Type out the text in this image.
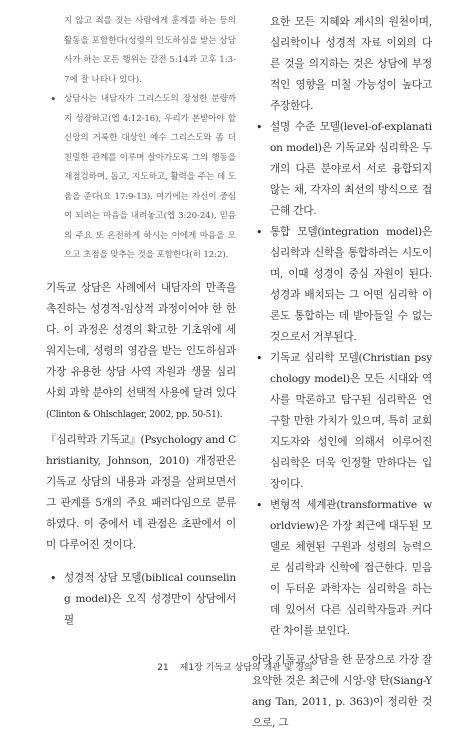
지 않고 죄를 짓는 사람에게 훈계를 하는 등의 활동을 포함한다(성령의 인도하심을 받는 상담사가 하는 모든 행위는 갈전 5:14과 고후 1:3-7에 잘 나타나 있다).
• 상담사는 내담자가 그리스도의 장성한 분량까지 성장하고(엡 4:12-16), 우리가 본받아야 할 신앙의 거룩한 대상인 예수 그리스도와 좀 더 친밀한 관계를 이루며 살아가도록 그의 행동을 재점검하며, 돕고, 지도하고, 활력을 주는 데 도움을 준다(요 17:9-13). 여기에는 자신이 중심이 되려는 마음을 내려놓고(엡 3:20-24), 믿음의 주요 또 온전하게 하시는 이에게 마음을 모으고 초점을 맞추는 것을 포함한다(히 12:2).

기독교 상담은 사례에서 내담자의 만족을 촉진하는 성경적-임상적 과정이어야 한 한다. 이 과정은 성경의 확고한 기초위에 세워지는데, 성령의 영감을 받는 인도하심과 가장 유용한 상담 사역 자원과 생물 심리 사회 과학 분야의 선택적 사용에 달려 있다(Clinton & Ohlschlager, 2002, pp. 50-51).

『심리학과 기독교』(Psychology and Christianity, Johnson, 2010) 개정판은 기독교 상담의 내용과 과정을 살펴보면서 그 관계를 5개의 주요 패러다임으로 분류하였다. 이 중에서 네 관점은 초판에서 이미 다루어진 것이다.

• 성경적 상담 모델(biblical counseling model)은 오직 성경만이 상담에서 필
요한 모든 지혜와 계시의 원천이며, 심리학이나 성경적 자료 이외의 다른 것을 의지하는 것은 상담에 부정적인 영향을 미칠 가능성이 높다고 주장한다.
• 설명 수준 모델(level-of-explanation model)은 기독교와 심리학은 두 개의 다른 분야로서 서로 융합되지 않는 채, 각자의 최선의 방식으로 접근해 간다.
• 통합 모델(integration model)은 심리학과 신학을 통합하려는 시도이며, 이때 성경이 중심 자원이 된다. 성경과 배치되는 그 어떤 심리학 이론도 통합하는 데 받아들일 수 없는 것으로서 거부된다.
• 기독교 심리학 모델(Christian psychology model)은 모든 시대와 역사를 막론하고 탐구된 심리학은 연구할 만한 가치가 있으며, 특히 교회 지도자와 성인에 의해서 이루어진 심리학은 더욱 인정할 만하다는 입장이다.
• 변형적 세계관(transformative worldview)은 가장 최근에 대두된 모델로 체현된 구원과 성령의 능력으로 심리학과 신학에 접근한다. 믿음이 두터운 과학자는 심리학을 하는 데 있어서 다른 심리학자들과 커다란 차이를 보인다.

아라 기독교 상담을 한 문장으로 가장 잘 요약한 것은 최근에 시앙-양 탄(Siang-Yang Tan, 2011, p. 363)이 정리한 것으로, 그

21 제1장 기독교 상담의 개관 및 경의
